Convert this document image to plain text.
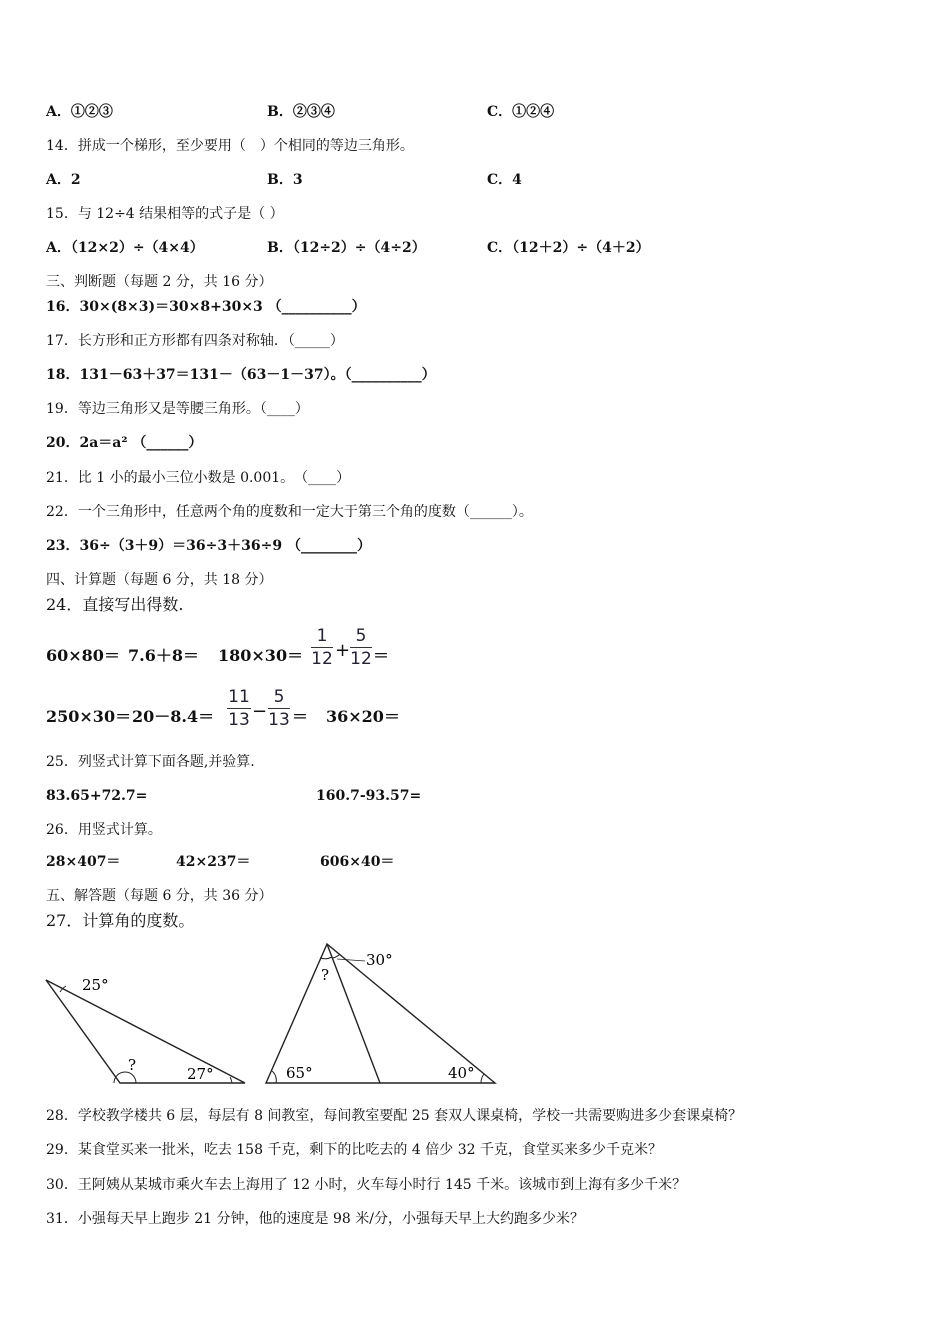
A．①②③	B．②③④	C．①②④
14．拼成一个梯形，至少要用（　）个相同的等边三角形。
A．2	B．3	C．4
15．与 12÷4 结果相等的式子是（ ）
A．（12×2）÷（4×4）	B．（12÷2）÷（4÷2）	C．（12＋2）÷（4＋2）
三、判断题（每题 2 分，共 16 分）
16．30×(8×3)＝30×8+30×3 （__________）
17．长方形和正方形都有四条对称轴．（_____）
18．131－63＋37＝131－（63－1－37）。（__________）
19．等边三角形又是等腰三角形。（____）
20．2a＝a² （______）
21．比 1 小的最小三位小数是 0.001。　（____）
22．一个三角形中，任意两个角的度数和一定大于第三个角的度数（______）。
23．36÷（3＋9）＝36÷3＋36÷9 （________）
四、计算题（每题 6 分，共 18 分）
24．直接写出得数.
60×80＝ 7.6＋8＝ 180×30＝
1
12 +
5
12 ＝
250×30＝ 20－8.4＝
11
13 −
5
13 ＝ 36×20＝
25．列竖式计算下面各题,并验算.
83.65+72.7=	160.7-93.57=
26．用竖式计算。
28×407＝	42×237＝	606×40＝
五、解答题（每题 6 分，共 36 分）
27．计算角的度数。
25°
?	27°
30°
?
65°	40°
28．学校教学楼共 6 层，每层有 8 间教室，每间教室要配 25 套双人课桌椅，学校一共需要购进多少套课桌椅？
29．某食堂买来一批米，吃去 158 千克，剩下的比吃去的 4 倍少 32 千克，食堂买来多少千克米？
30．王阿姨从某城市乘火车去上海用了 12 小时，火车每小时行 145 千米。该城市到上海有多少千米？
31．小强每天早上跑步 21 分钟，他的速度是 98 米/分，小强每天早上大约跑多少米？
